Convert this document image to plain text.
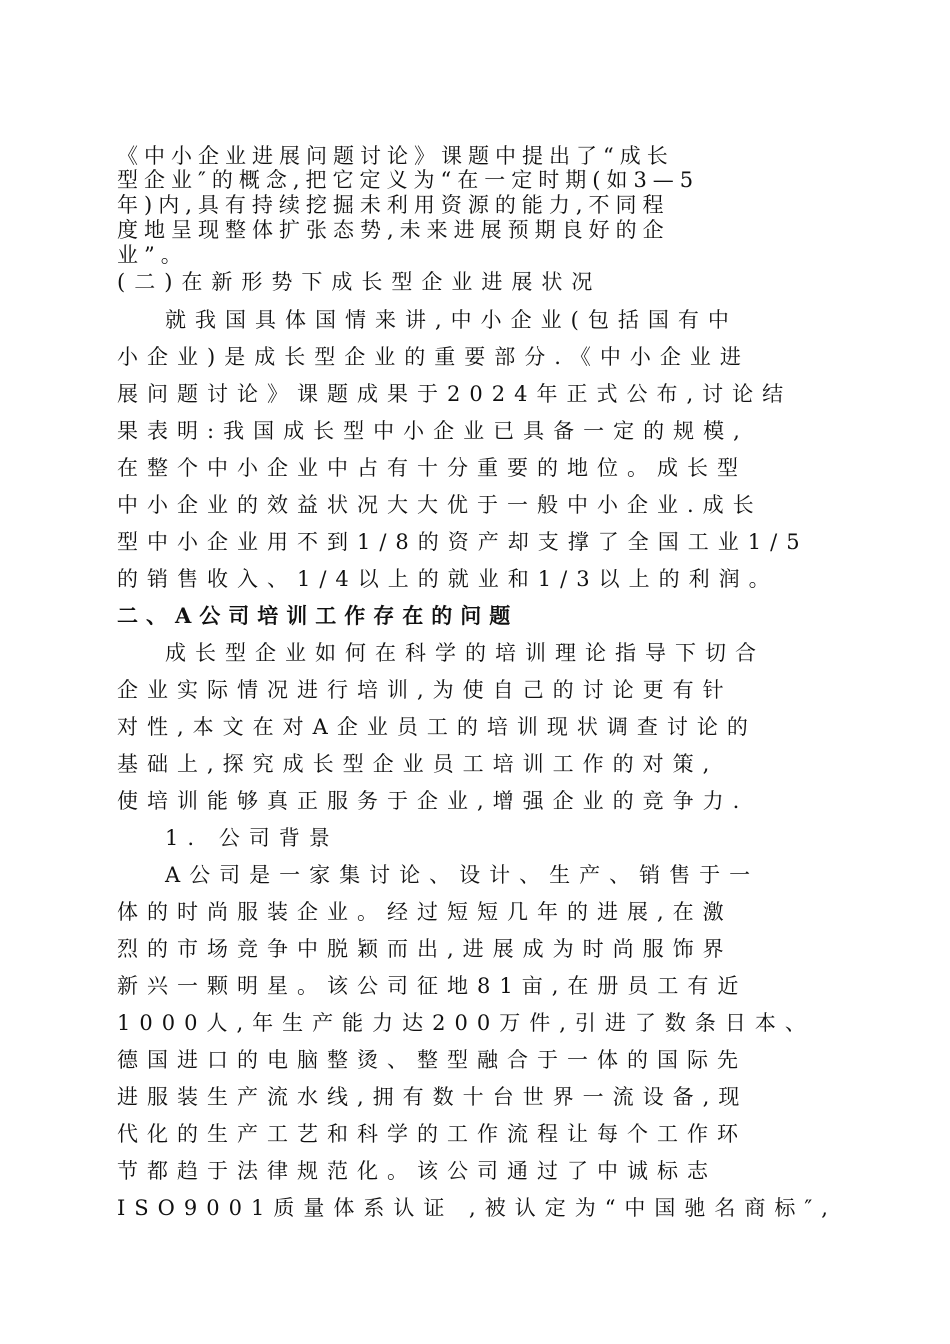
《中小企业进展问题讨论》课题中提出了“成长

型企业″的概念,把它定义为“在一定时期(如3—5

年)内,具有持续挖掘未利用资源的能力,不同程

度地呈现整体扩张态势,未来进展预期良好的企

业”。

(二)在新形势下成长型企业进展状况

就我国具体国情来讲,中小企业(包括国有中

小企业)是成长型企业的重要部分.《中小企业进

展问题讨论》课题成果于2024年正式公布,讨论结

果表明:我国成长型中小企业已具备一定的规模,

在整个中小企业中占有十分重要的地位。成长型

中小企业的效益状况大大优于一般中小企业.成长

型中小企业用不到1/8的资产却支撑了全国工业1/5

的销售收入、1/4以上的就业和1/3以上的利润。

二、A公司培训工作存在的问题

成长型企业如何在科学的培训理论指导下切合

企业实际情况进行培训,为使自己的讨论更有针

对性,本文在对A企业员工的培训现状调查讨论的

基础上,探究成长型企业员工培训工作的对策,

使培训能够真正服务于企业,增强企业的竞争力.

1. 公司背景

A公司是一家集讨论、设计、生产、销售于一

体的时尚服装企业。经过短短几年的进展,在激

烈的市场竞争中脱颖而出,进展成为时尚服饰界

新兴一颗明星。该公司征地81亩,在册员工有近

1000人,年生产能力达200万件,引进了数条日本、

德国进口的电脑整烫、整型融合于一体的国际先

进服装生产流水线,拥有数十台世界一流设备,现

代化的生产工艺和科学的工作流程让每个工作环

节都趋于法律规范化。该公司通过了中诚标志

ISO9001质量体系认证 ,被认定为“中国驰名商标″,
